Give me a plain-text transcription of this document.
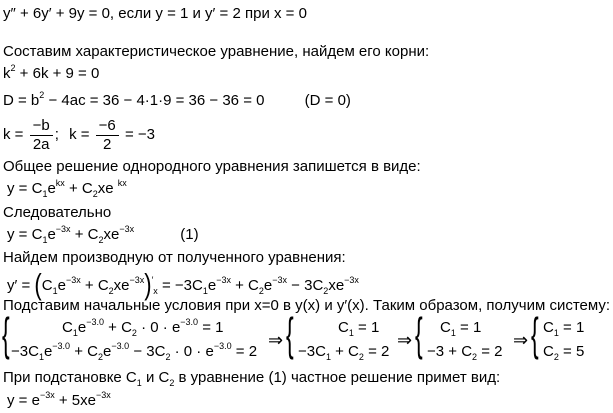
y″ + 6y′ + 9y = 0, если y = 1 и y′ = 2 при x = 0
Составим характеристическое уравнение, найдем его корни:
$k^2 + 6k + 9 = 0$
$D = b^2 - 4ac = 36 - 4\cdot 1\cdot 9 = 36 - 36 = 0$	(D = 0)
$k = \frac{-b}{2a}$ ; $k = \frac{-6}{2} = -3$
Общее решение однородного уравнения запишется в виде:
$y = C_1e^{kx} + C_2xe$ $^{kx}$
Следовательно
$y = C_1e^{-3x} + C_2xe^{-3x}$	(1)
Найдем производную от полученного уравнения:
$y' = (C_1e^{-3x} + C_2xe^{-3x})'_x = -3C_1e^{-3x} + C_2e^{-3x} - 3C_2xe^{-3x}$
Подставим начальные условия при x=0 в y(x) и y′(x). Таким образом, получим систему:
{	$C_1e^{-3.0} + C_2 \cdot 0 \cdot e^{-3.0} = 1$
$-3C_1e^{-3.0} + C_2e^{-3.0} - 3C_2 \cdot 0 \cdot e^{-3.0} = 2$
⇒ {	$C_1 = 1$
$-3C_1 + C_2 = 2$
⇒ { $C_1 = 1$
$-3 + C_2 = 2$
⇒ { $C_1 = 1$
$C_2 = 5$
При подстановке $C_1$ и $C_2$ в уравнение (1) частное решение примет вид:
$y = e^{-3x} + 5xe^{-3x}$
